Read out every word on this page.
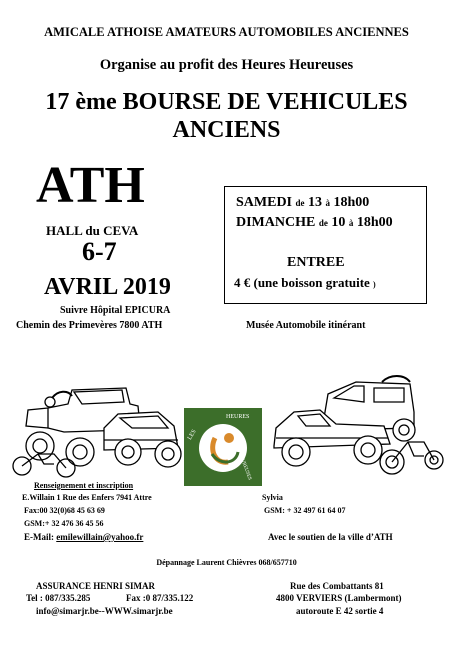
AMICALE ATHOISE AMATEURS AUTOMOBILES ANCIENNES
Organise au profit des Heures Heureuses
17 ème BOURSE DE VEHICULES
ANCIENS
ATH
HALL du CEVA
6-7
AVRIL 2019
Suivre Hôpital EPICURA
Chemin des Primevères 7800 ATH
SAMEDI de 13 à 18h00
DIMANCHE de 10 à 18h00
ENTREE
4 € (une boisson gratuite )
Musée Automobile itinérant
LES
HEURES
HEUREUSES
Renseignement et inscription
E.Willain 1 Rue des Enfers 7941 Attre
Fax:00 32(0)68 45 63 69
GSM:+ 32 476 36 45 56
E-Mail: emilewillain@yahoo.fr
Sylvia
GSM: + 32 497 61 64 07
Avec le soutien de la ville d’ATH
Dépannage Laurent Chièvres 068/657710
ASSURANCE HENRI SIMAR
Tel : 087/335.285	Fax :0 87/335.122
info@simarjr.be--WWW.simarjr.be
Rue des Combattants 81
4800 VERVIERS (Lambermont)
autoroute E 42 sortie 4
